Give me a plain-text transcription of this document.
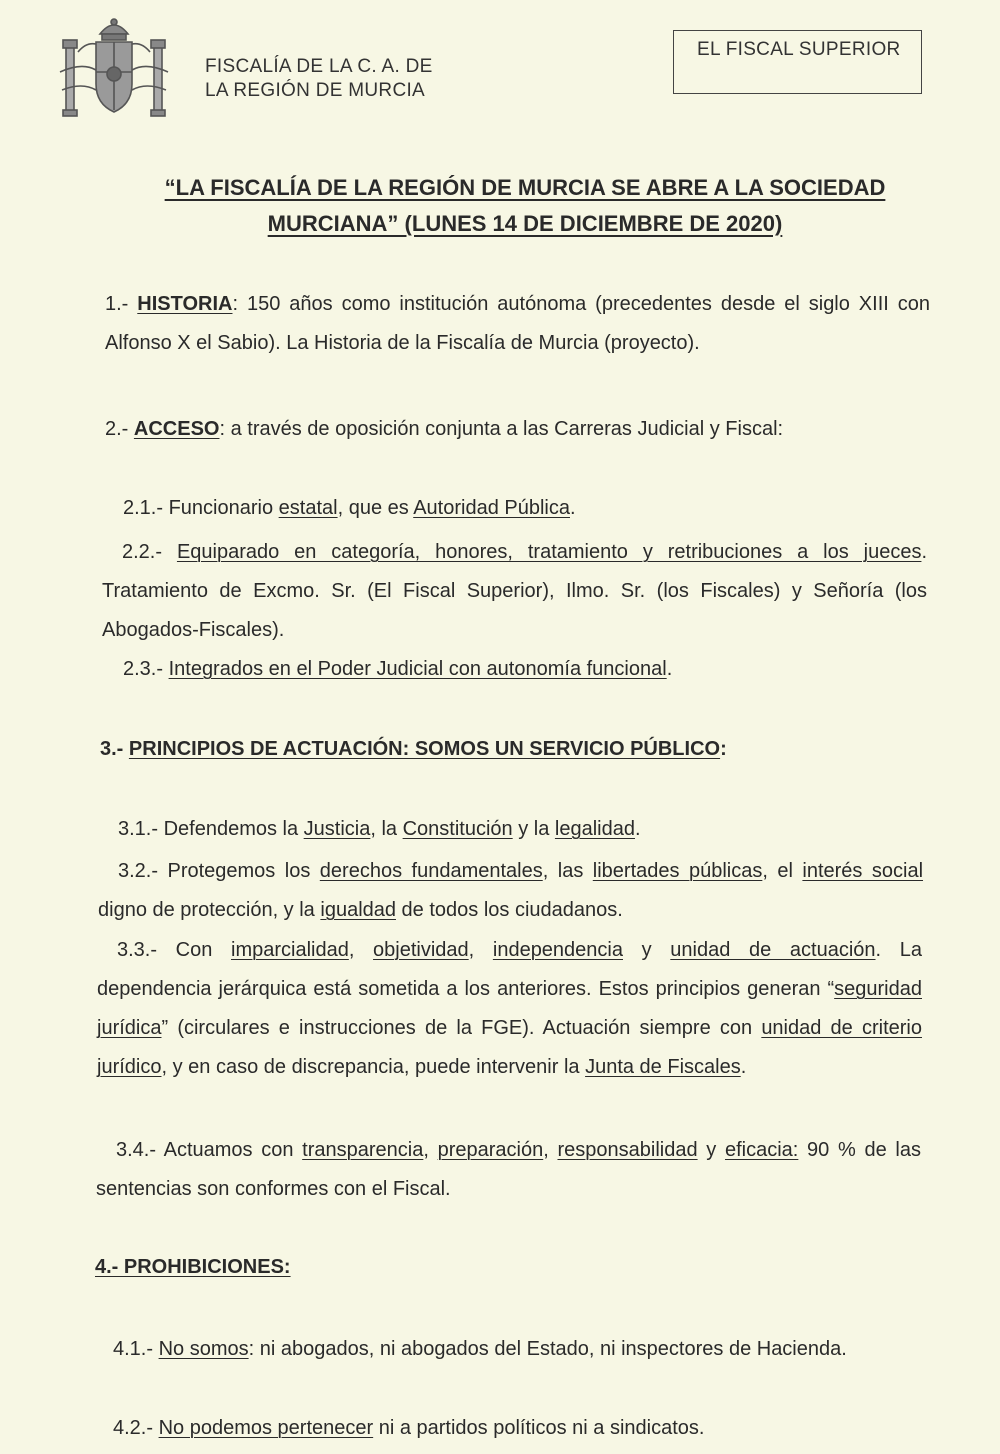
FISCALÍA DE LA C. A. DE
LA REGIÓN DE MURCIA
EL FISCAL SUPERIOR
“LA FISCALÍA DE LA REGIÓN DE MURCIA SE ABRE A LA SOCIEDAD
MURCIANA” (LUNES 14 DE DICIEMBRE DE 2020)
1.- HISTORIA: 150 años como institución autónoma (precedentes desde el siglo XIII con Alfonso X el Sabio). La Historia de la Fiscalía de Murcia (proyecto).
2.- ACCESO: a través de oposición conjunta a las Carreras Judicial y Fiscal:
2.1.- Funcionario estatal, que es Autoridad Pública.
2.2.- Equiparado en categoría, honores, tratamiento y retribuciones a los jueces. Tratamiento de Excmo. Sr. (El Fiscal Superior), Ilmo. Sr. (los Fiscales) y Señoría (los Abogados-Fiscales).
2.3.- Integrados en el Poder Judicial con autonomía funcional.
3.- PRINCIPIOS DE ACTUACIÓN: SOMOS UN SERVICIO PÚBLICO:
3.1.- Defendemos la Justicia, la Constitución y la legalidad.
3.2.- Protegemos los derechos fundamentales, las libertades públicas, el interés social digno de protección, y la igualdad de todos los ciudadanos.
3.3.- Con imparcialidad, objetividad, independencia y unidad de actuación. La dependencia jerárquica está sometida a los anteriores. Estos principios generan “seguridad jurídica” (circulares e instrucciones de la FGE). Actuación siempre con unidad de criterio jurídico, y en caso de discrepancia, puede intervenir la Junta de Fiscales.
3.4.- Actuamos con transparencia, preparación, responsabilidad y eficacia: 90 % de las sentencias son conformes con el Fiscal.
4.- PROHIBICIONES:
4.1.- No somos: ni abogados, ni abogados del Estado, ni inspectores de Hacienda.
4.2.- No podemos pertenecer ni a partidos políticos ni a sindicatos.
